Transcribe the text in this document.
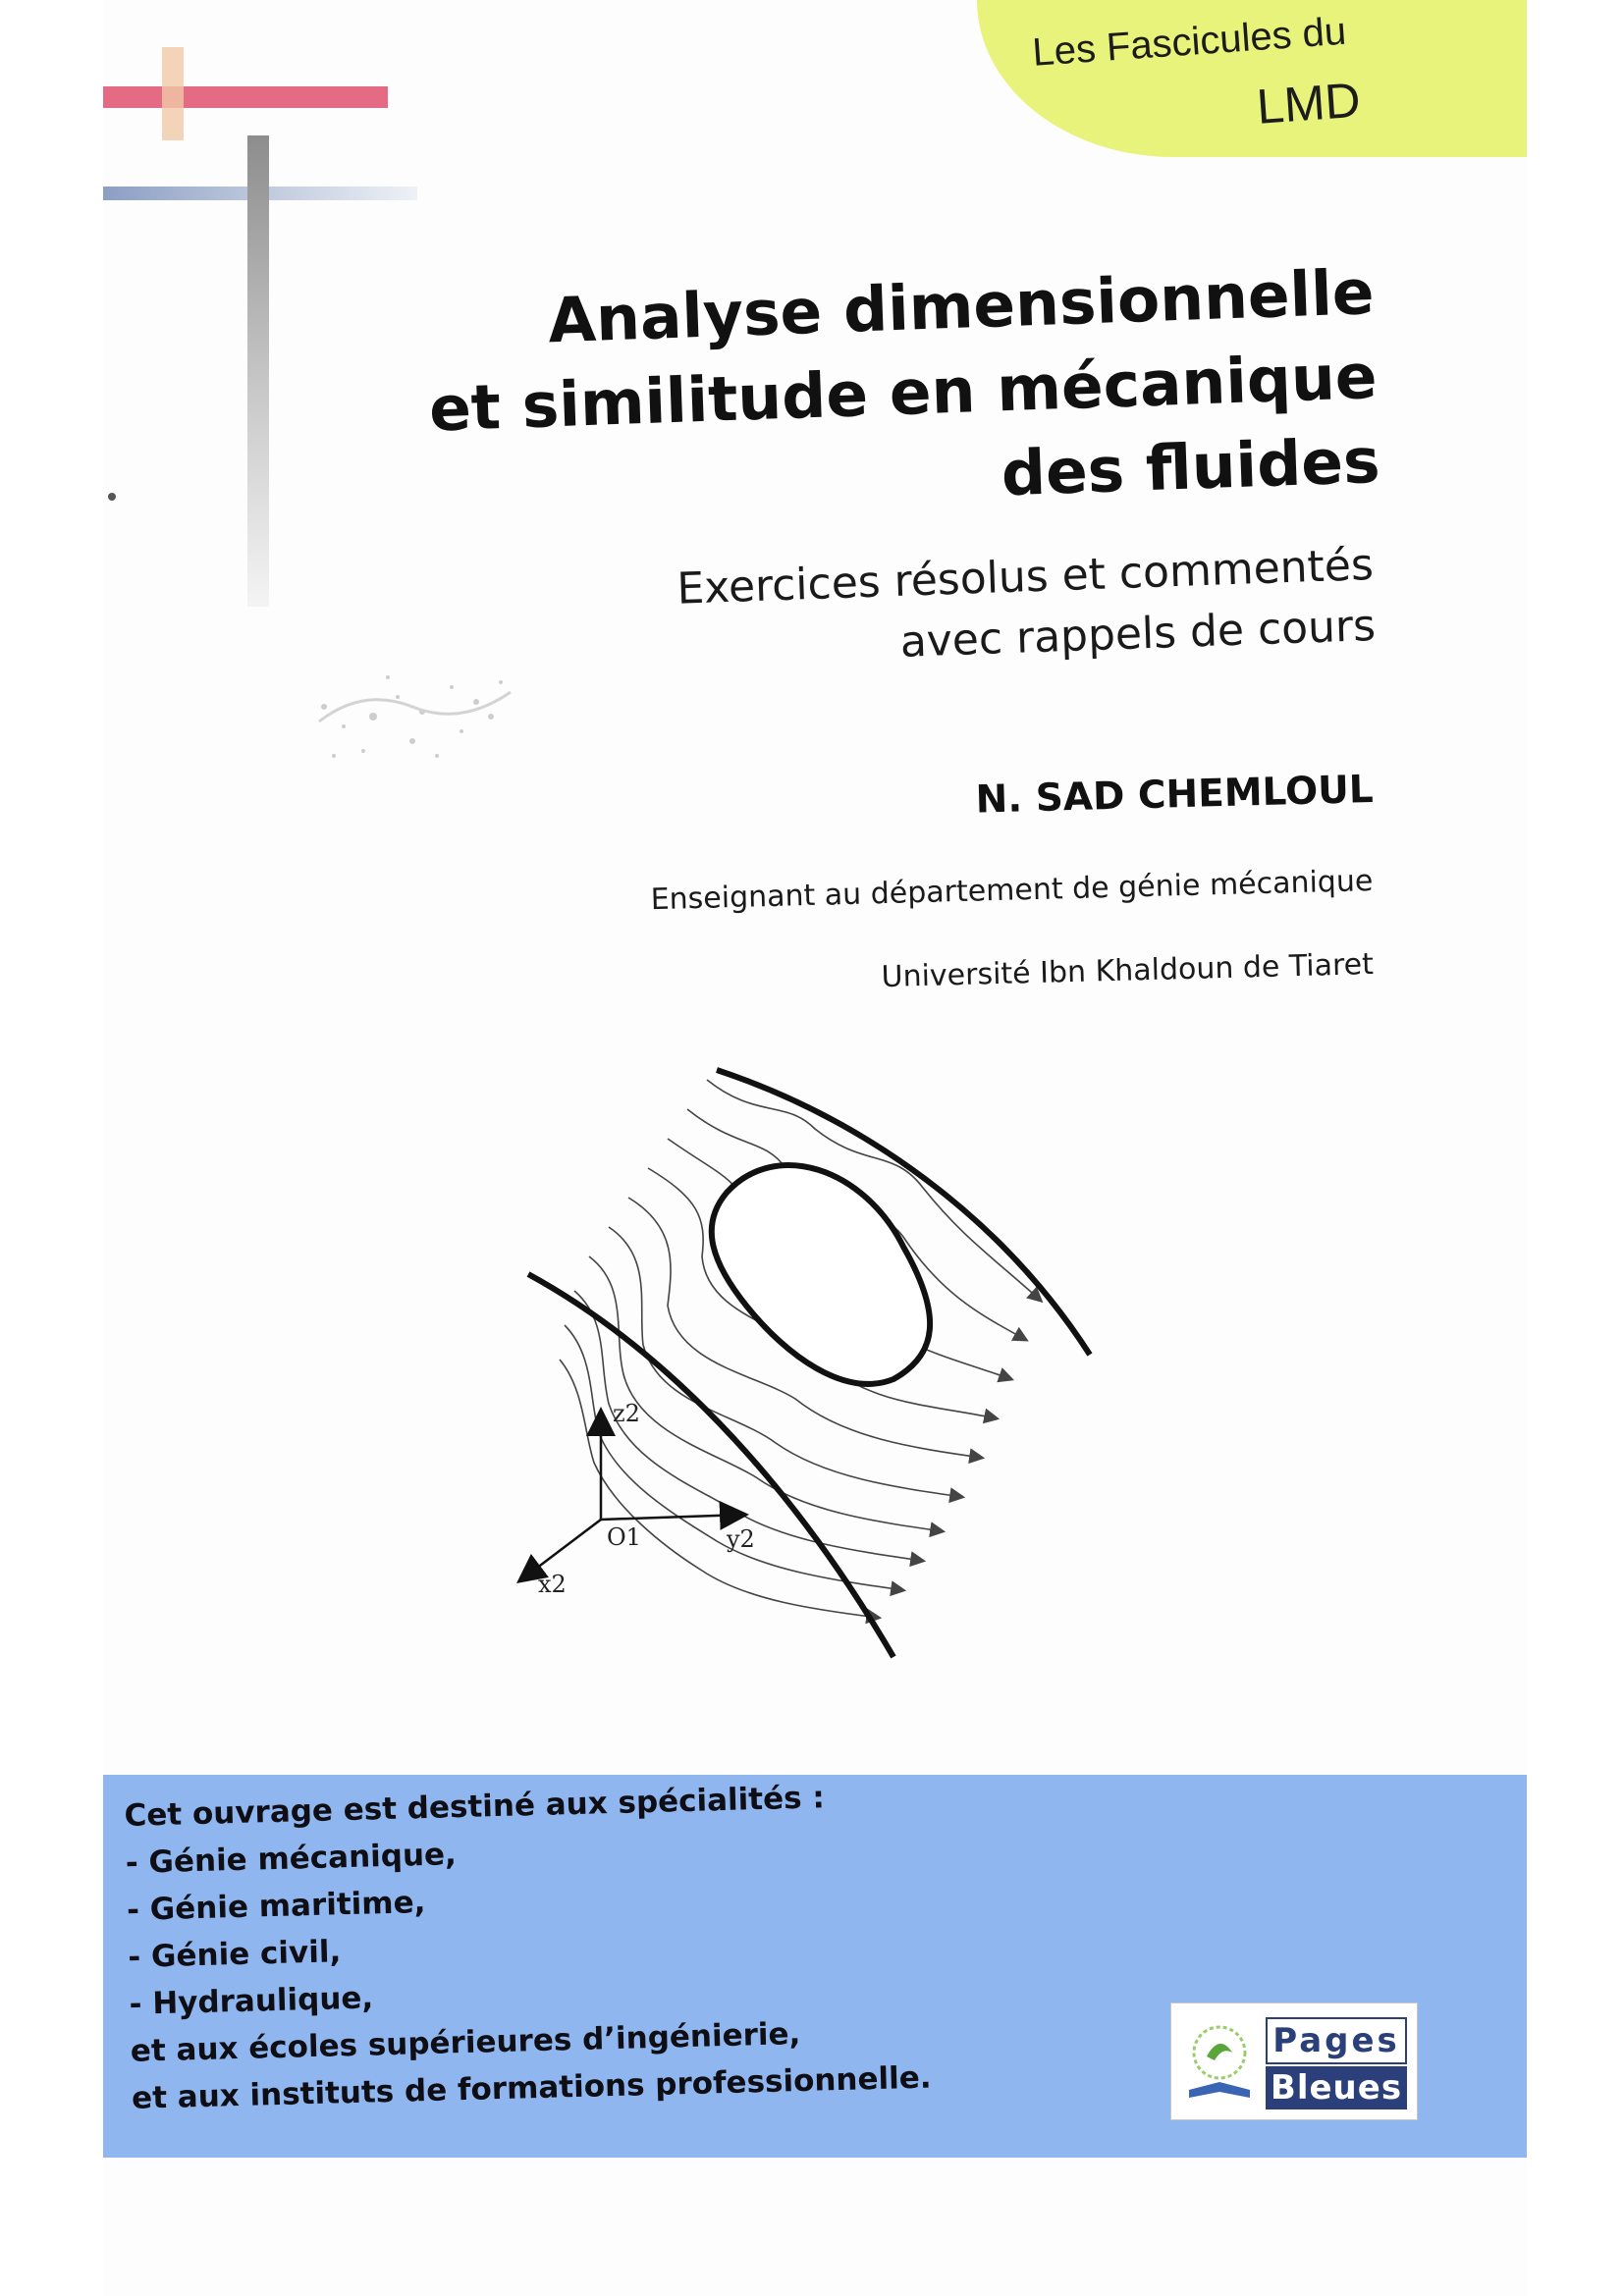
Les Fascicules du
LMD
Analyse dimensionnelle
et similitude en mécanique
des fluides
Exercices résolus et commentés
avec rappels de cours
N. SAD CHEMLOUL
Enseignant au département de génie mécanique
Université Ibn Khaldoun de Tiaret
z2
y2
x2
O1
Cet ouvrage est destiné aux spécialités :
- Génie mécanique,
- Génie maritime,
- Génie civil,
- Hydraulique,
et aux écoles supérieures d’ingénierie,
et aux instituts de formations professionnelle.
Pages
Bleues
